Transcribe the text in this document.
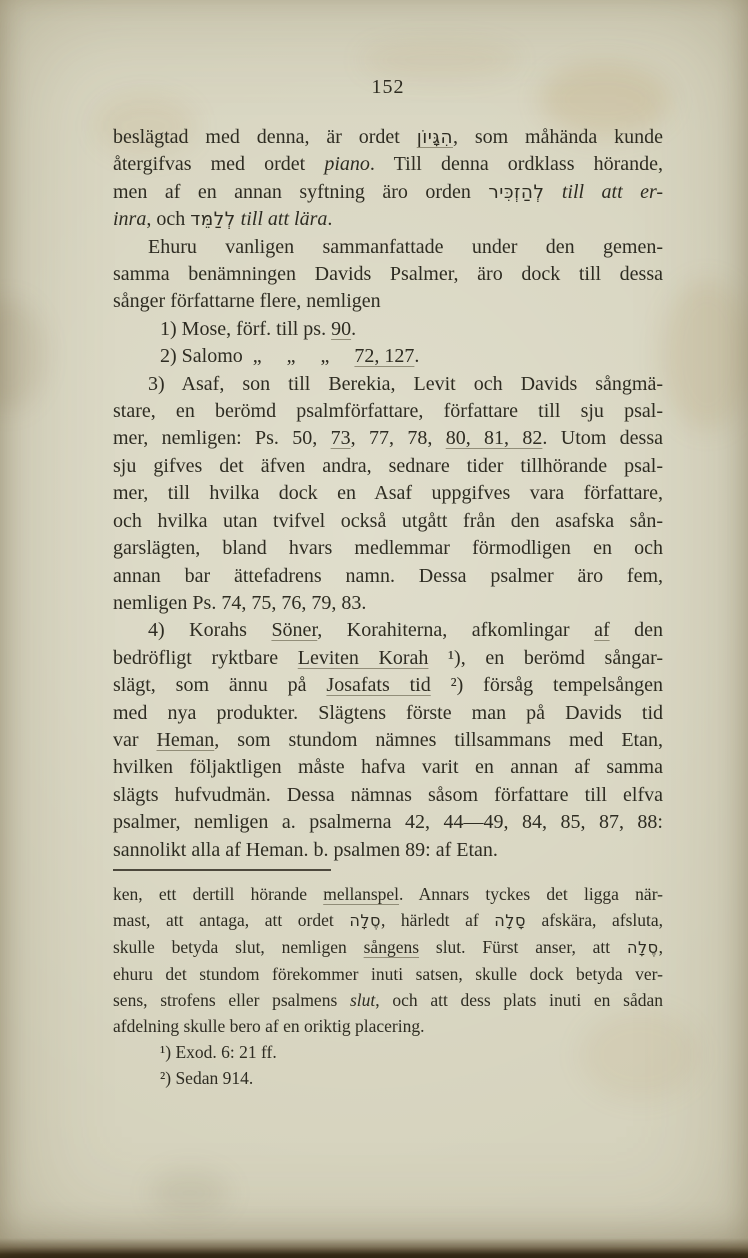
152
beslägtad med denna, är ordet הִגָּיוֹן, som måhända kunde
återgifvas med ordet piano. Till denna ordklass hörande,
men af en annan syftning äro orden לְהַזְכִּיר till att er-
inra, och לְלַמֵּד till att lära.
Ehuru vanligen sammanfattade under den gemen-
samma benämningen Davids Psalmer, äro dock till dessa
sånger författarne flere, nemligen
1) Mose, förf. till ps. 90.
2) Salomo „  „  „  72, 127.
3) Asaf, son till Berekia, Levit och Davids sångmä-
stare, en berömd psalmförfattare, författare till sju psal-
mer, nemligen: Ps. 50, 73, 77, 78, 80, 81, 82. Utom dessa
sju gifves det äfven andra, sednare tider tillhörande psal-
mer, till hvilka dock en Asaf uppgifves vara författare,
och hvilka utan tvifvel också utgått från den asafska sån-
garslägten, bland hvars medlemmar förmodligen en och
annan bar ättefadrens namn. Dessa psalmer äro fem,
nemligen Ps. 74, 75, 76, 79, 83.
4) Korahs Söner, Korahiterna, afkomlingar af den
bedröfligt ryktbare Leviten Korah ¹), en berömd sångar-
slägt, som ännu på Josafats tid ²) försåg tempelsången
med nya produkter. Slägtens förste man på Davids tid
var Heman, som stundom nämnes tillsammans med Etan,
hvilken följaktligen måste hafva varit en annan af samma
slägts hufvudmän. Dessa nämnas såsom författare till elfva
psalmer, nemligen a. psalmerna 42, 44—49, 84, 85, 87, 88:
sannolikt alla af Heman. b. psalmen 89: af Etan.
ken, ett dertill hörande mellanspel. Annars tyckes det ligga när-
mast, att antaga, att ordet סֶלָה, härledt af סָלָה afskära, afsluta,
skulle betyda slut, nemligen sångens slut. Fürst anser, att סֶלָה,
ehuru det stundom förekommer inuti satsen, skulle dock betyda ver-
sens, strofens eller psalmens slut, och att dess plats inuti en sådan
afdelning skulle bero af en oriktig placering.
¹) Exod. 6: 21 ff.
²) Sedan 914.
